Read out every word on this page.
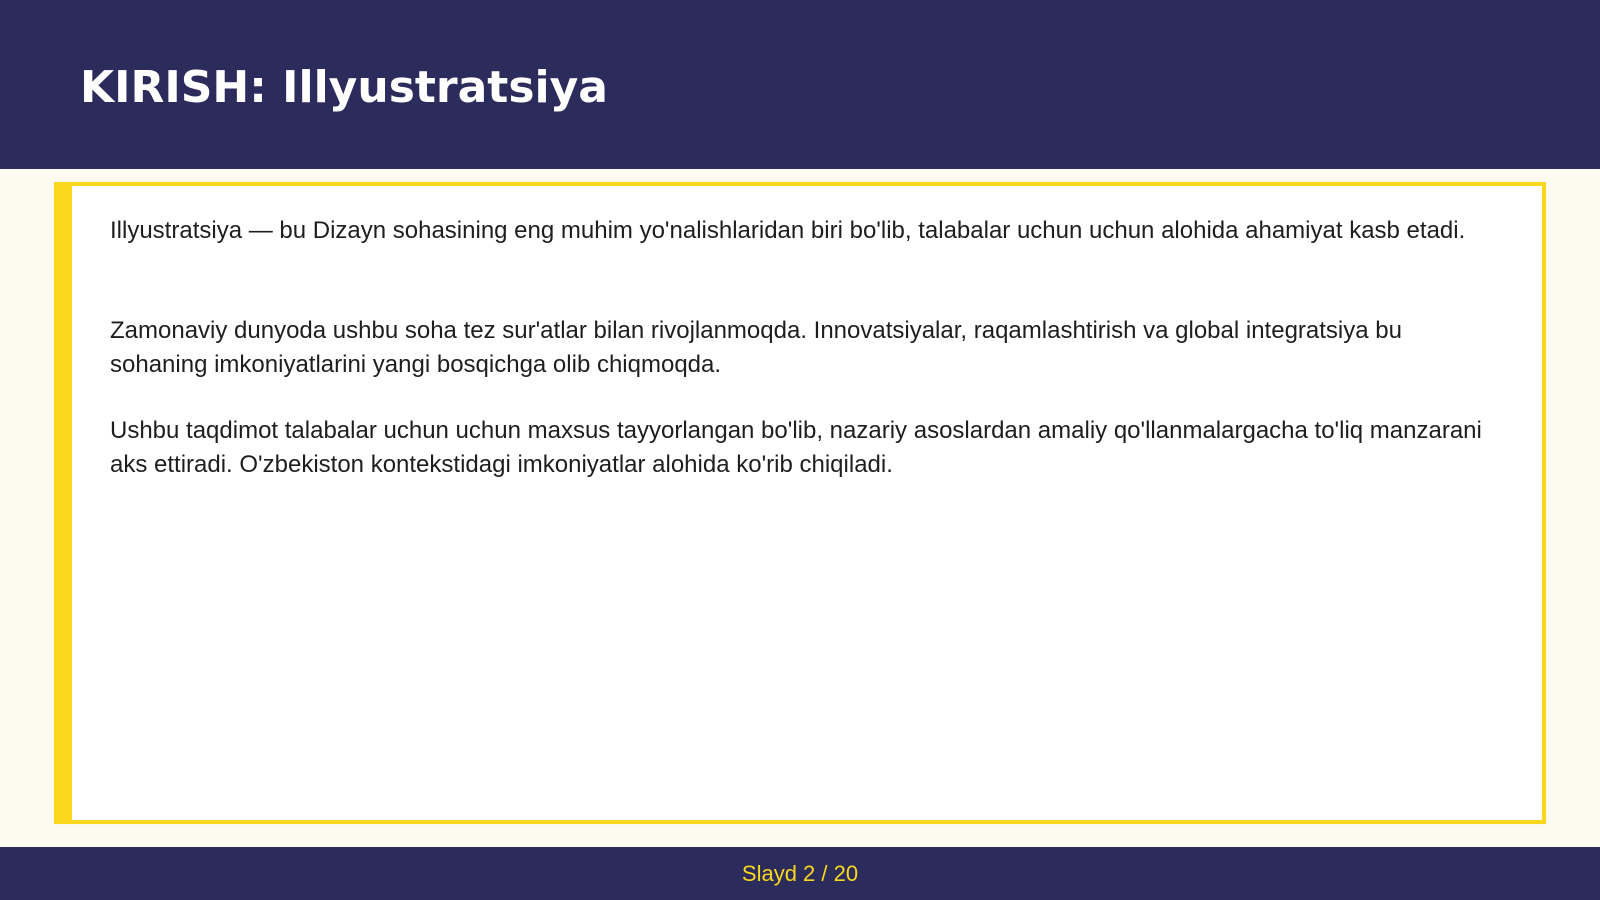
KIRISH: Illyustratsiya

Illyustratsiya — bu Dizayn sohasining eng muhim yo'nalishlaridan biri bo'lib, talabalar uchun uchun alohida ahamiyat kasb etadi.

Zamonaviy dunyoda ushbu soha tez sur'atlar bilan rivojlanmoqda. Innovatsiyalar, raqamlashtirish va global integratsiya bu sohaning imkoniyatlarini yangi bosqichga olib chiqmoqda.

Ushbu taqdimot talabalar uchun uchun maxsus tayyorlangan bo'lib, nazariy asoslardan amaliy qo'llanmalargacha to'liq manzarani aks ettiradi. O'zbekiston kontekstidagi imkoniyatlar alohida ko'rib chiqiladi.

Slayd 2 / 20
